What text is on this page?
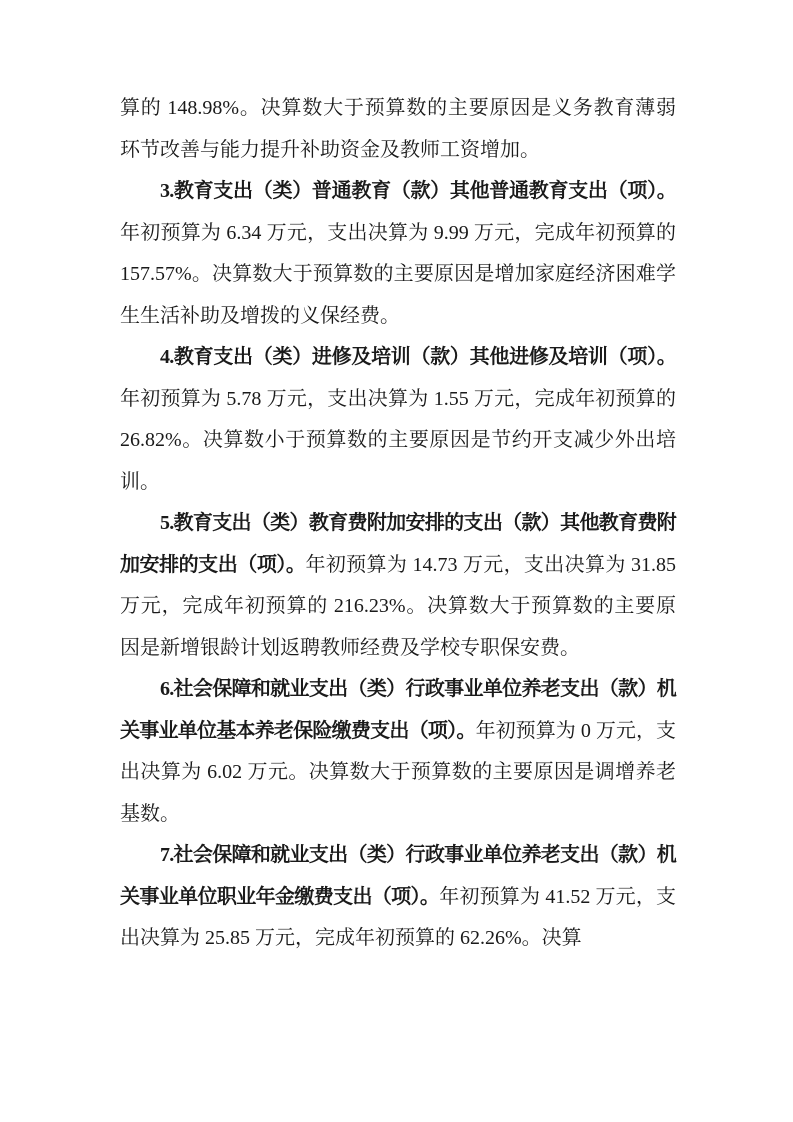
算的 148.98%。决算数大于预算数的主要原因是义务教育薄弱环节改善与能力提升补助资金及教师工资增加。

3.教育支出（类）普通教育（款）其他普通教育支出（项）。年初预算为 6.34 万元，支出决算为 9.99 万元，完成年初预算的 157.57%。决算数大于预算数的主要原因是增加家庭经济困难学生生活补助及增拨的义保经费。

4.教育支出（类）进修及培训（款）其他进修及培训（项）。年初预算为 5.78 万元，支出决算为 1.55 万元，完成年初预算的 26.82%。决算数小于预算数的主要原因是节约开支减少外出培训。

5.教育支出（类）教育费附加安排的支出（款）其他教育费附加安排的支出（项）。年初预算为 14.73 万元，支出决算为 31.85 万元，完成年初预算的 216.23%。决算数大于预算数的主要原因是新增银龄计划返聘教师经费及学校专职保安费。

6.社会保障和就业支出（类）行政事业单位养老支出（款）机关事业单位基本养老保险缴费支出（项）。年初预算为 0 万元，支出决算为 6.02 万元。决算数大于预算数的主要原因是调增养老基数。

7.社会保障和就业支出（类）行政事业单位养老支出（款）机关事业单位职业年金缴费支出（项）。年初预算为 41.52 万元，支出决算为 25.85 万元，完成年初预算的 62.26%。决算
